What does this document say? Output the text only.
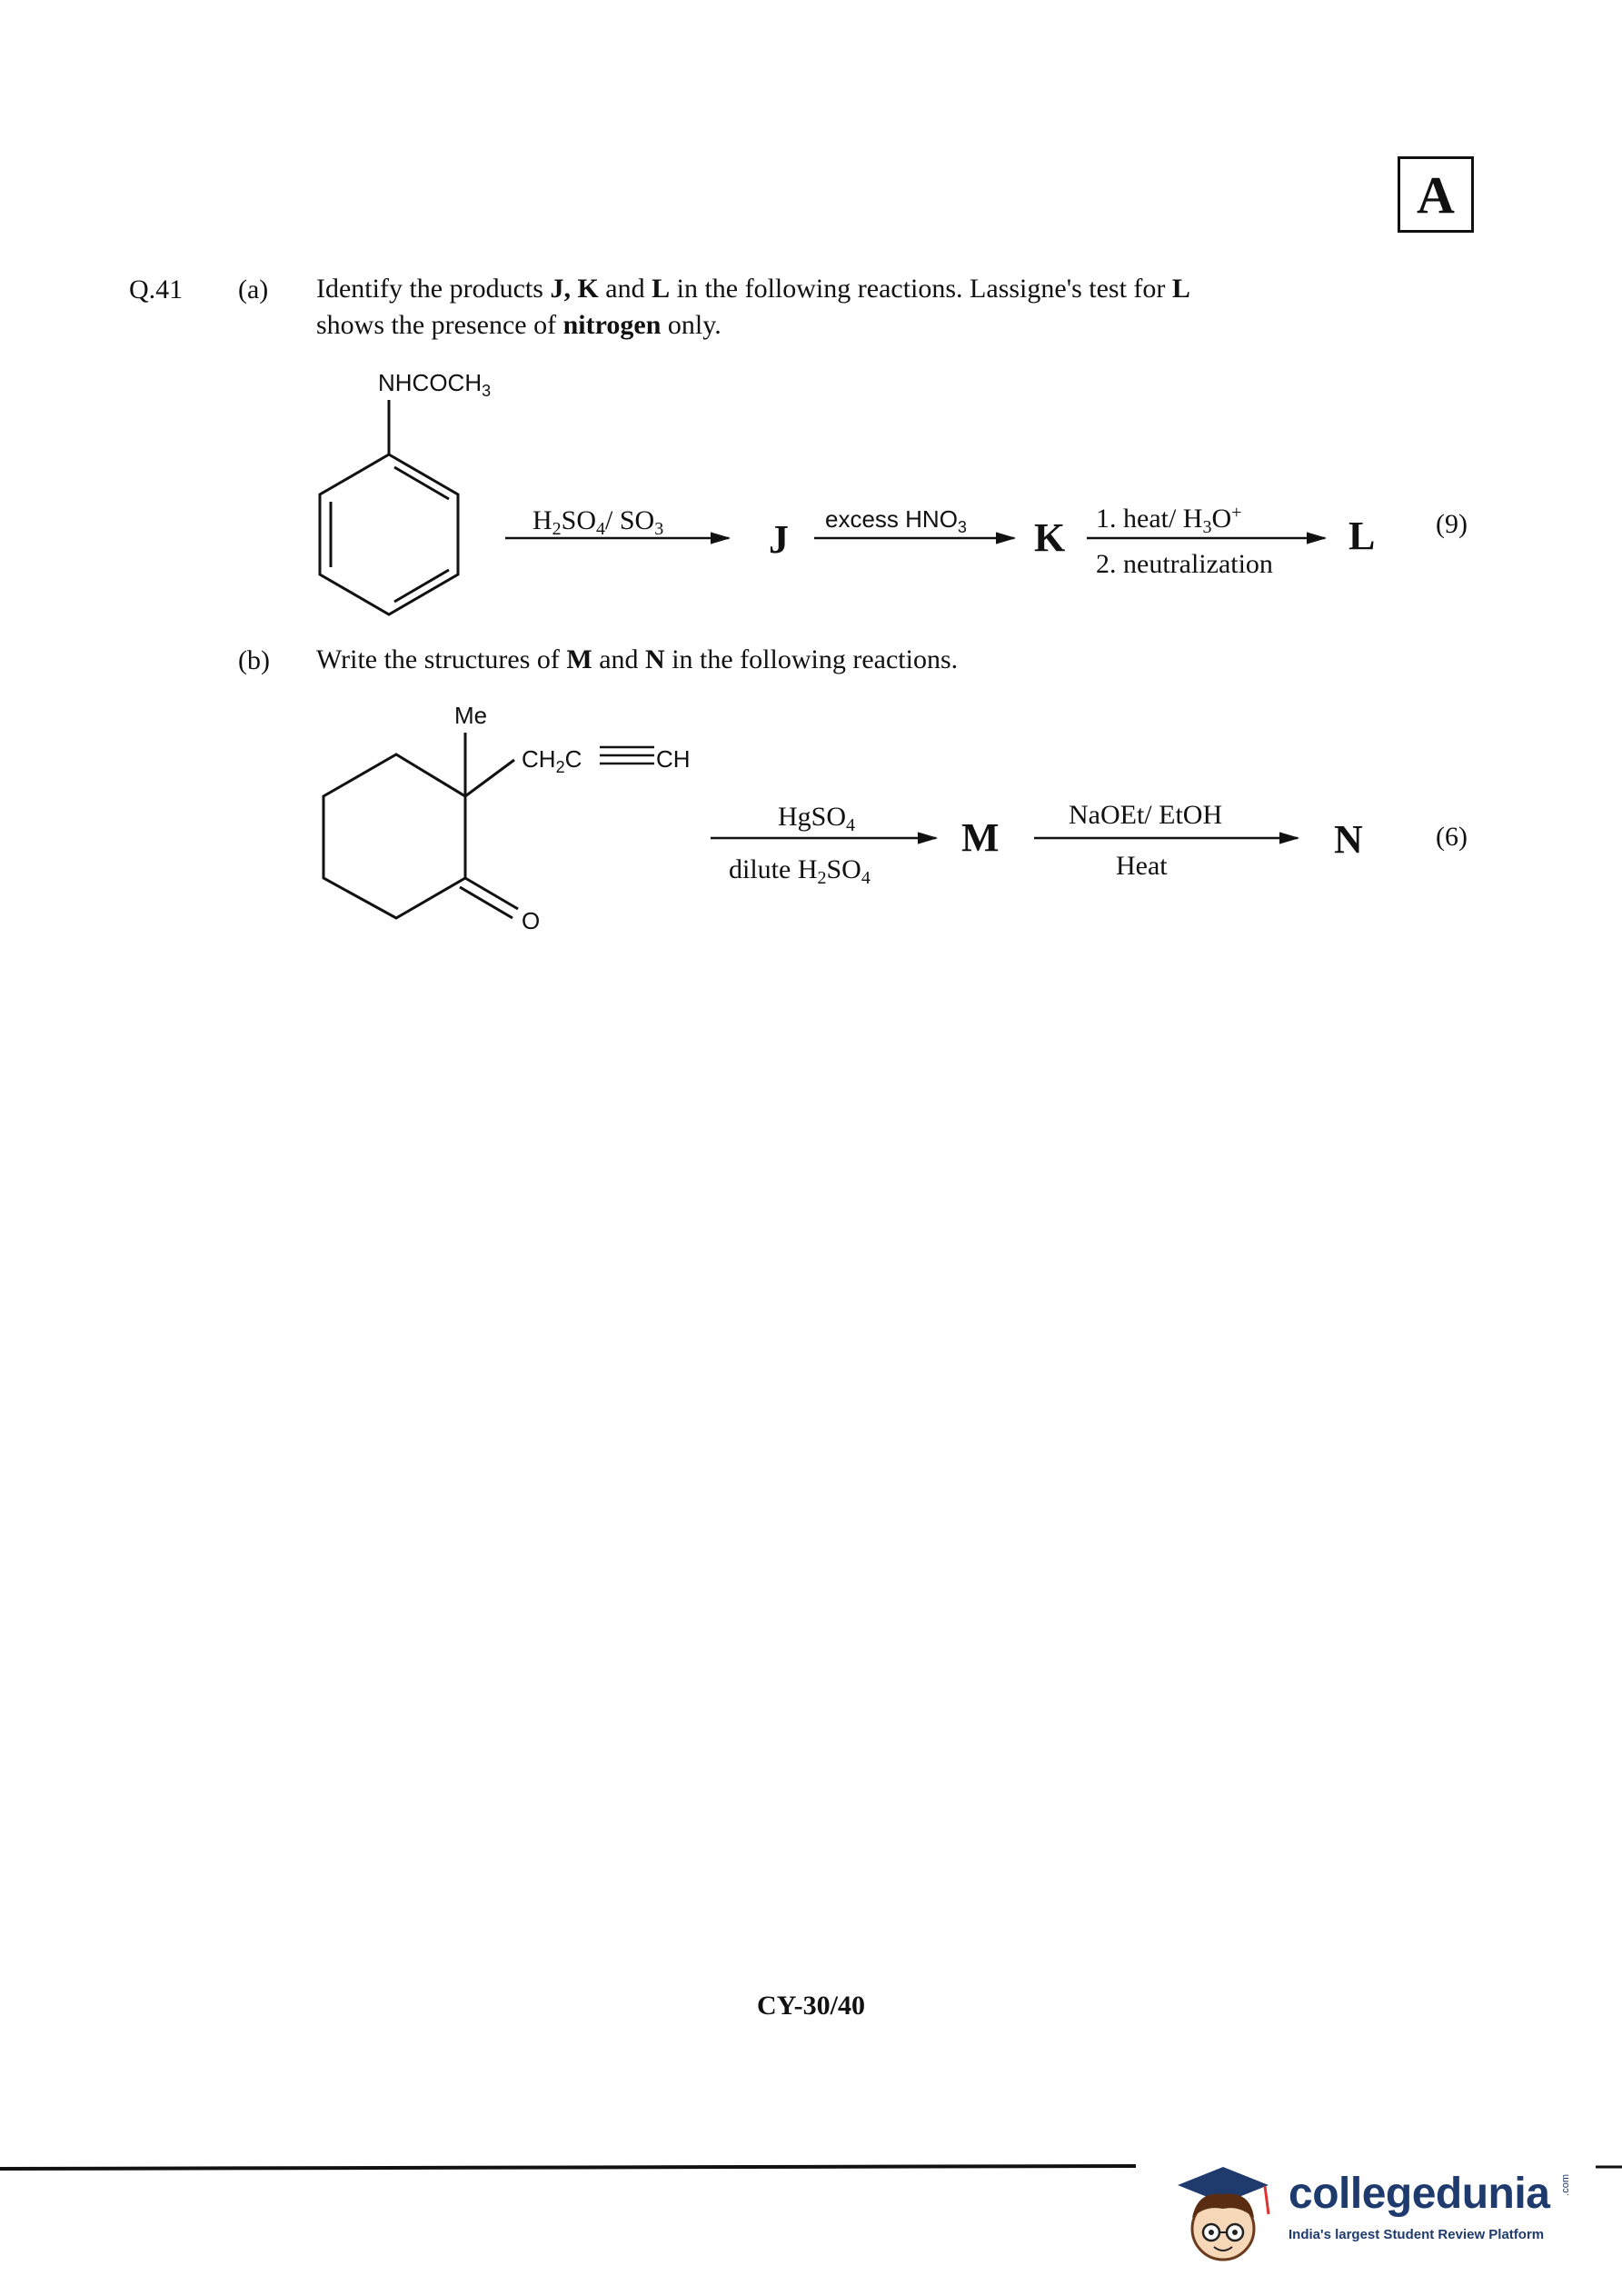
A
Q.41 (a) Identify the products J, K and L in the following reactions. Lassigne's test for L
shows the presence of nitrogen only.
(b) Write the structures of M and N in the following reactions.
$NHCOCH_3$
$H_2SO_4/$ $SO_3$	J excess $HNO_3$ K 1. heat/ $H_3O^+$
2. neutralization
L (9)
Me
$CH_2C$	CH
O
HgSO$_4$
dilute $H_2SO_4$
M
NaOEt/ EtOH
Heat
N	(6)
CY-30/40
collegedunia .com
India's largest Student Review Platform
